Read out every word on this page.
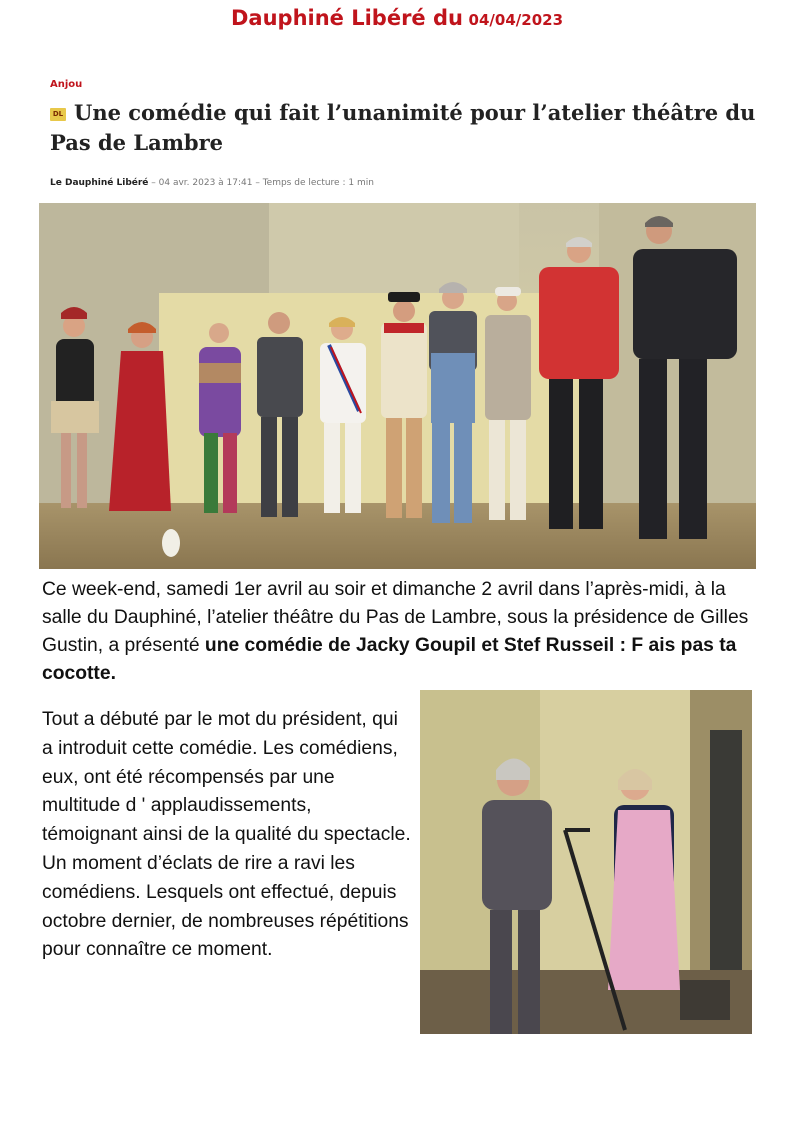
Dauphiné Libéré du 04/04/2023
Anjou
DL Une comédie qui fait l’unanimité pour l’atelier théâtre du Pas de Lambre
Le Dauphiné Libéré – 04 avr. 2023 à 17:41 – Temps de lecture : 1 min
Ce week-end, samedi 1er avril au soir et dimanche 2 avril dans l’après-midi, à la salle du Dauphiné, l’atelier théâtre du Pas de Lambre, sous la présidence de Gilles Gustin, a présenté une comédie de Jacky Goupil et Stef Russeil : F ais pas ta cocotte.
Tout a débuté par le mot du président, qui a introduit cette comédie. Les comédiens, eux, ont été récompensés par une multitude d ' applaudissements, témoignant ainsi de la qualité du spectacle. Un moment d’éclats de rire a ravi les comédiens. Lesquels ont effectué, depuis octobre dernier, de nombreuses répétitions pour connaître ce moment.
